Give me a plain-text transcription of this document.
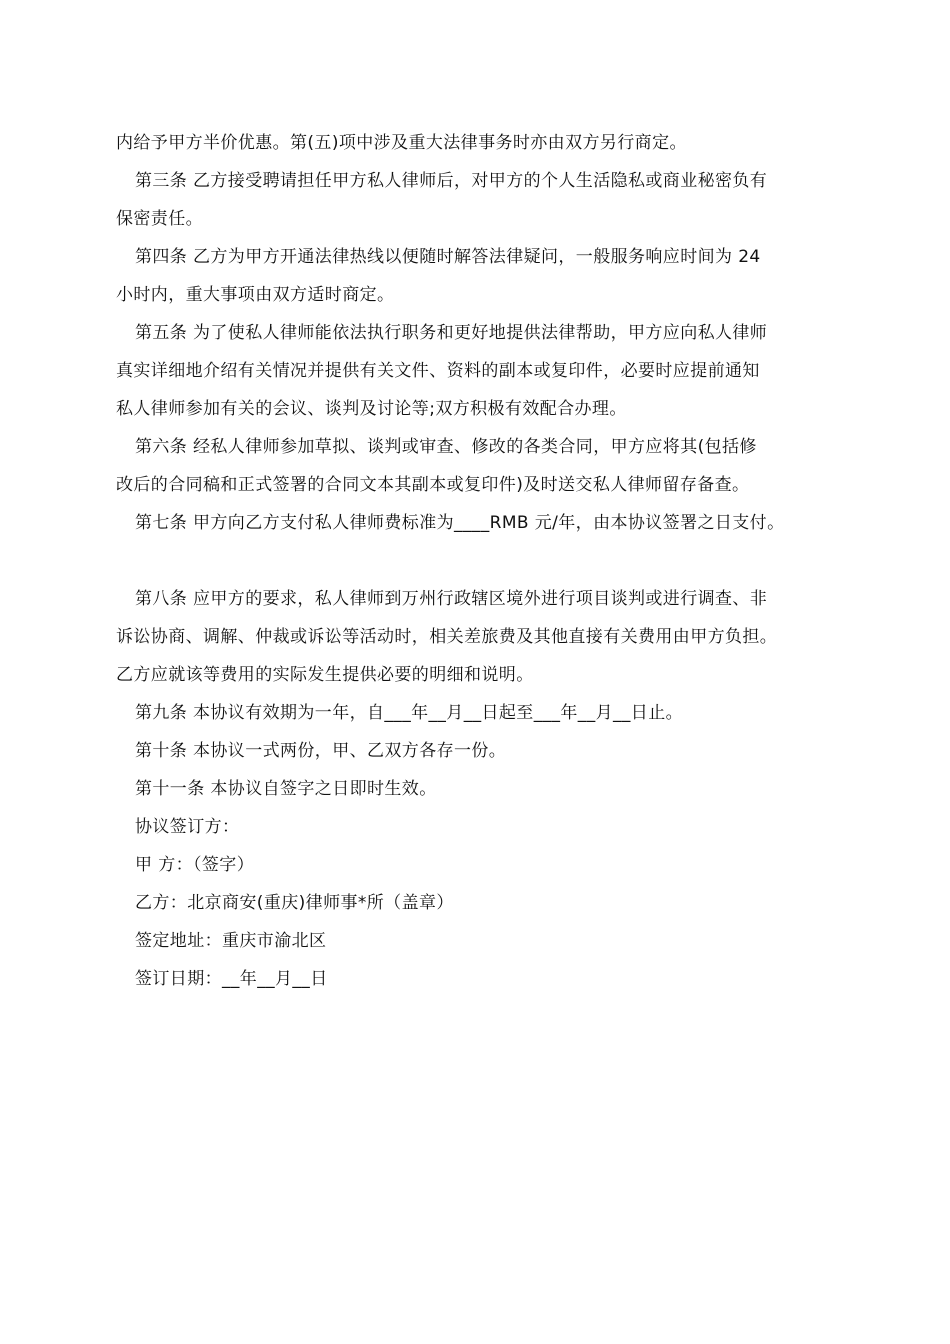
内给予甲方半价优惠。第(五)项中涉及重大法律事务时亦由双方另行商定。
第三条 乙方接受聘请担任甲方私人律师后，对甲方的个人生活隐私或商业秘密负有
保密责任。
第四条 乙方为甲方开通法律热线以便随时解答法律疑问，一般服务响应时间为 24
小时内，重大事项由双方适时商定。
第五条 为了使私人律师能依法执行职务和更好地提供法律帮助，甲方应向私人律师
真实详细地介绍有关情况并提供有关文件、资料的副本或复印件，必要时应提前通知
私人律师参加有关的会议、谈判及讨论等;双方积极有效配合办理。
第六条 经私人律师参加草拟、谈判或审查、修改的各类合同，甲方应将其(包括修
改后的合同稿和正式签署的合同文本其副本或复印件)及时送交私人律师留存备查。
第七条 甲方向乙方支付私人律师费标准为____RMB 元/年，由本协议签署之日支付。
第八条 应甲方的要求，私人律师到万州行政辖区境外进行项目谈判或进行调查、非
诉讼协商、调解、仲裁或诉讼等活动时，相关差旅费及其他直接有关费用由甲方负担。
乙方应就该等费用的实际发生提供必要的明细和说明。
第九条 本协议有效期为一年，自___年__月__日起至___年__月__日止。
第十条 本协议一式两份，甲、乙双方各存一份。
第十一条 本协议自签字之日即时生效。
协议签订方：
甲 方：（签字）
乙方：北京商安(重庆)律师事*所（盖章）
签定地址：重庆市渝北区
签订日期：__年__月__日
